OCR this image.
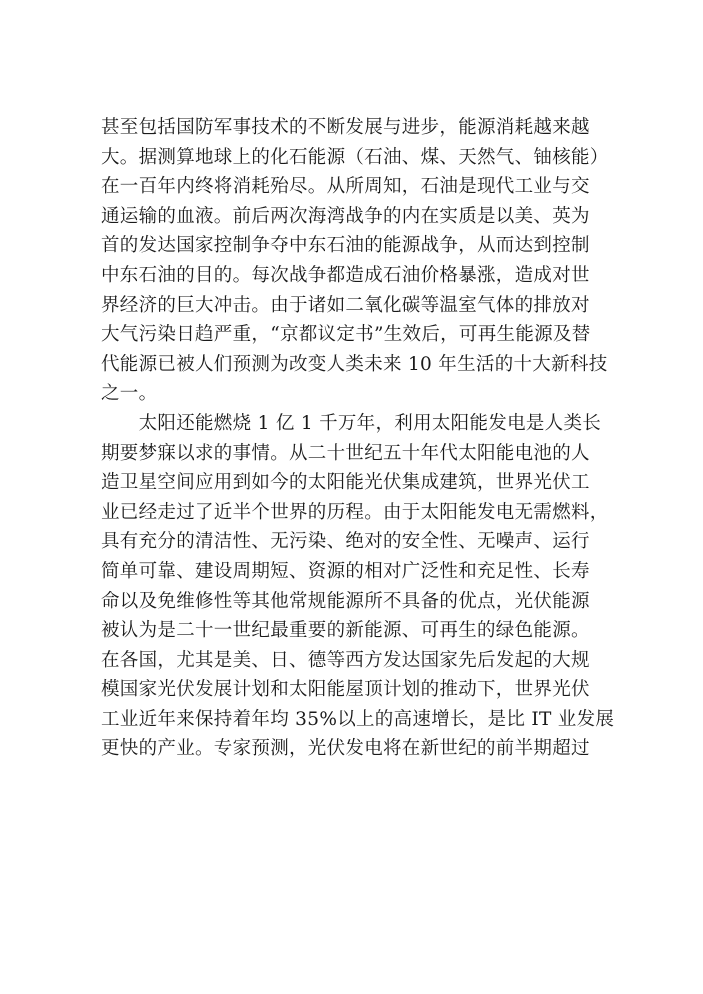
甚至包括国防军事技术的不断发展与进步，能源消耗越来越
大。据测算地球上的化石能源（石油、煤、天然气、铀核能）
在一百年内终将消耗殆尽。从所周知，石油是现代工业与交
通运输的血液。前后两次海湾战争的内在实质是以美、英为
首的发达国家控制争夺中东石油的能源战争，从而达到控制
中东石油的目的。每次战争都造成石油价格暴涨，造成对世
界经济的巨大冲击。由于诸如二氧化碳等温室气体的排放对
大气污染日趋严重，“京都议定书”生效后，可再生能源及替
代能源已被人们预测为改变人类未来 10 年生活的十大新科技
之一。
　　太阳还能燃烧 1 亿 1 千万年，利用太阳能发电是人类长
期要梦寐以求的事情。从二十世纪五十年代太阳能电池的人
造卫星空间应用到如今的太阳能光伏集成建筑，世界光伏工
业已经走过了近半个世界的历程。由于太阳能发电无需燃料，
具有充分的清洁性、无污染、绝对的安全性、无噪声、运行
简单可靠、建设周期短、资源的相对广泛性和充足性、长寿
命以及免维修性等其他常规能源所不具备的优点，光伏能源
被认为是二十一世纪最重要的新能源、可再生的绿色能源。
在各国，尤其是美、日、德等西方发达国家先后发起的大规
模国家光伏发展计划和太阳能屋顶计划的推动下，世界光伏
工业近年来保持着年均 35%以上的高速增长，是比 IT 业发展
更快的产业。专家预测，光伏发电将在新世纪的前半期超过
